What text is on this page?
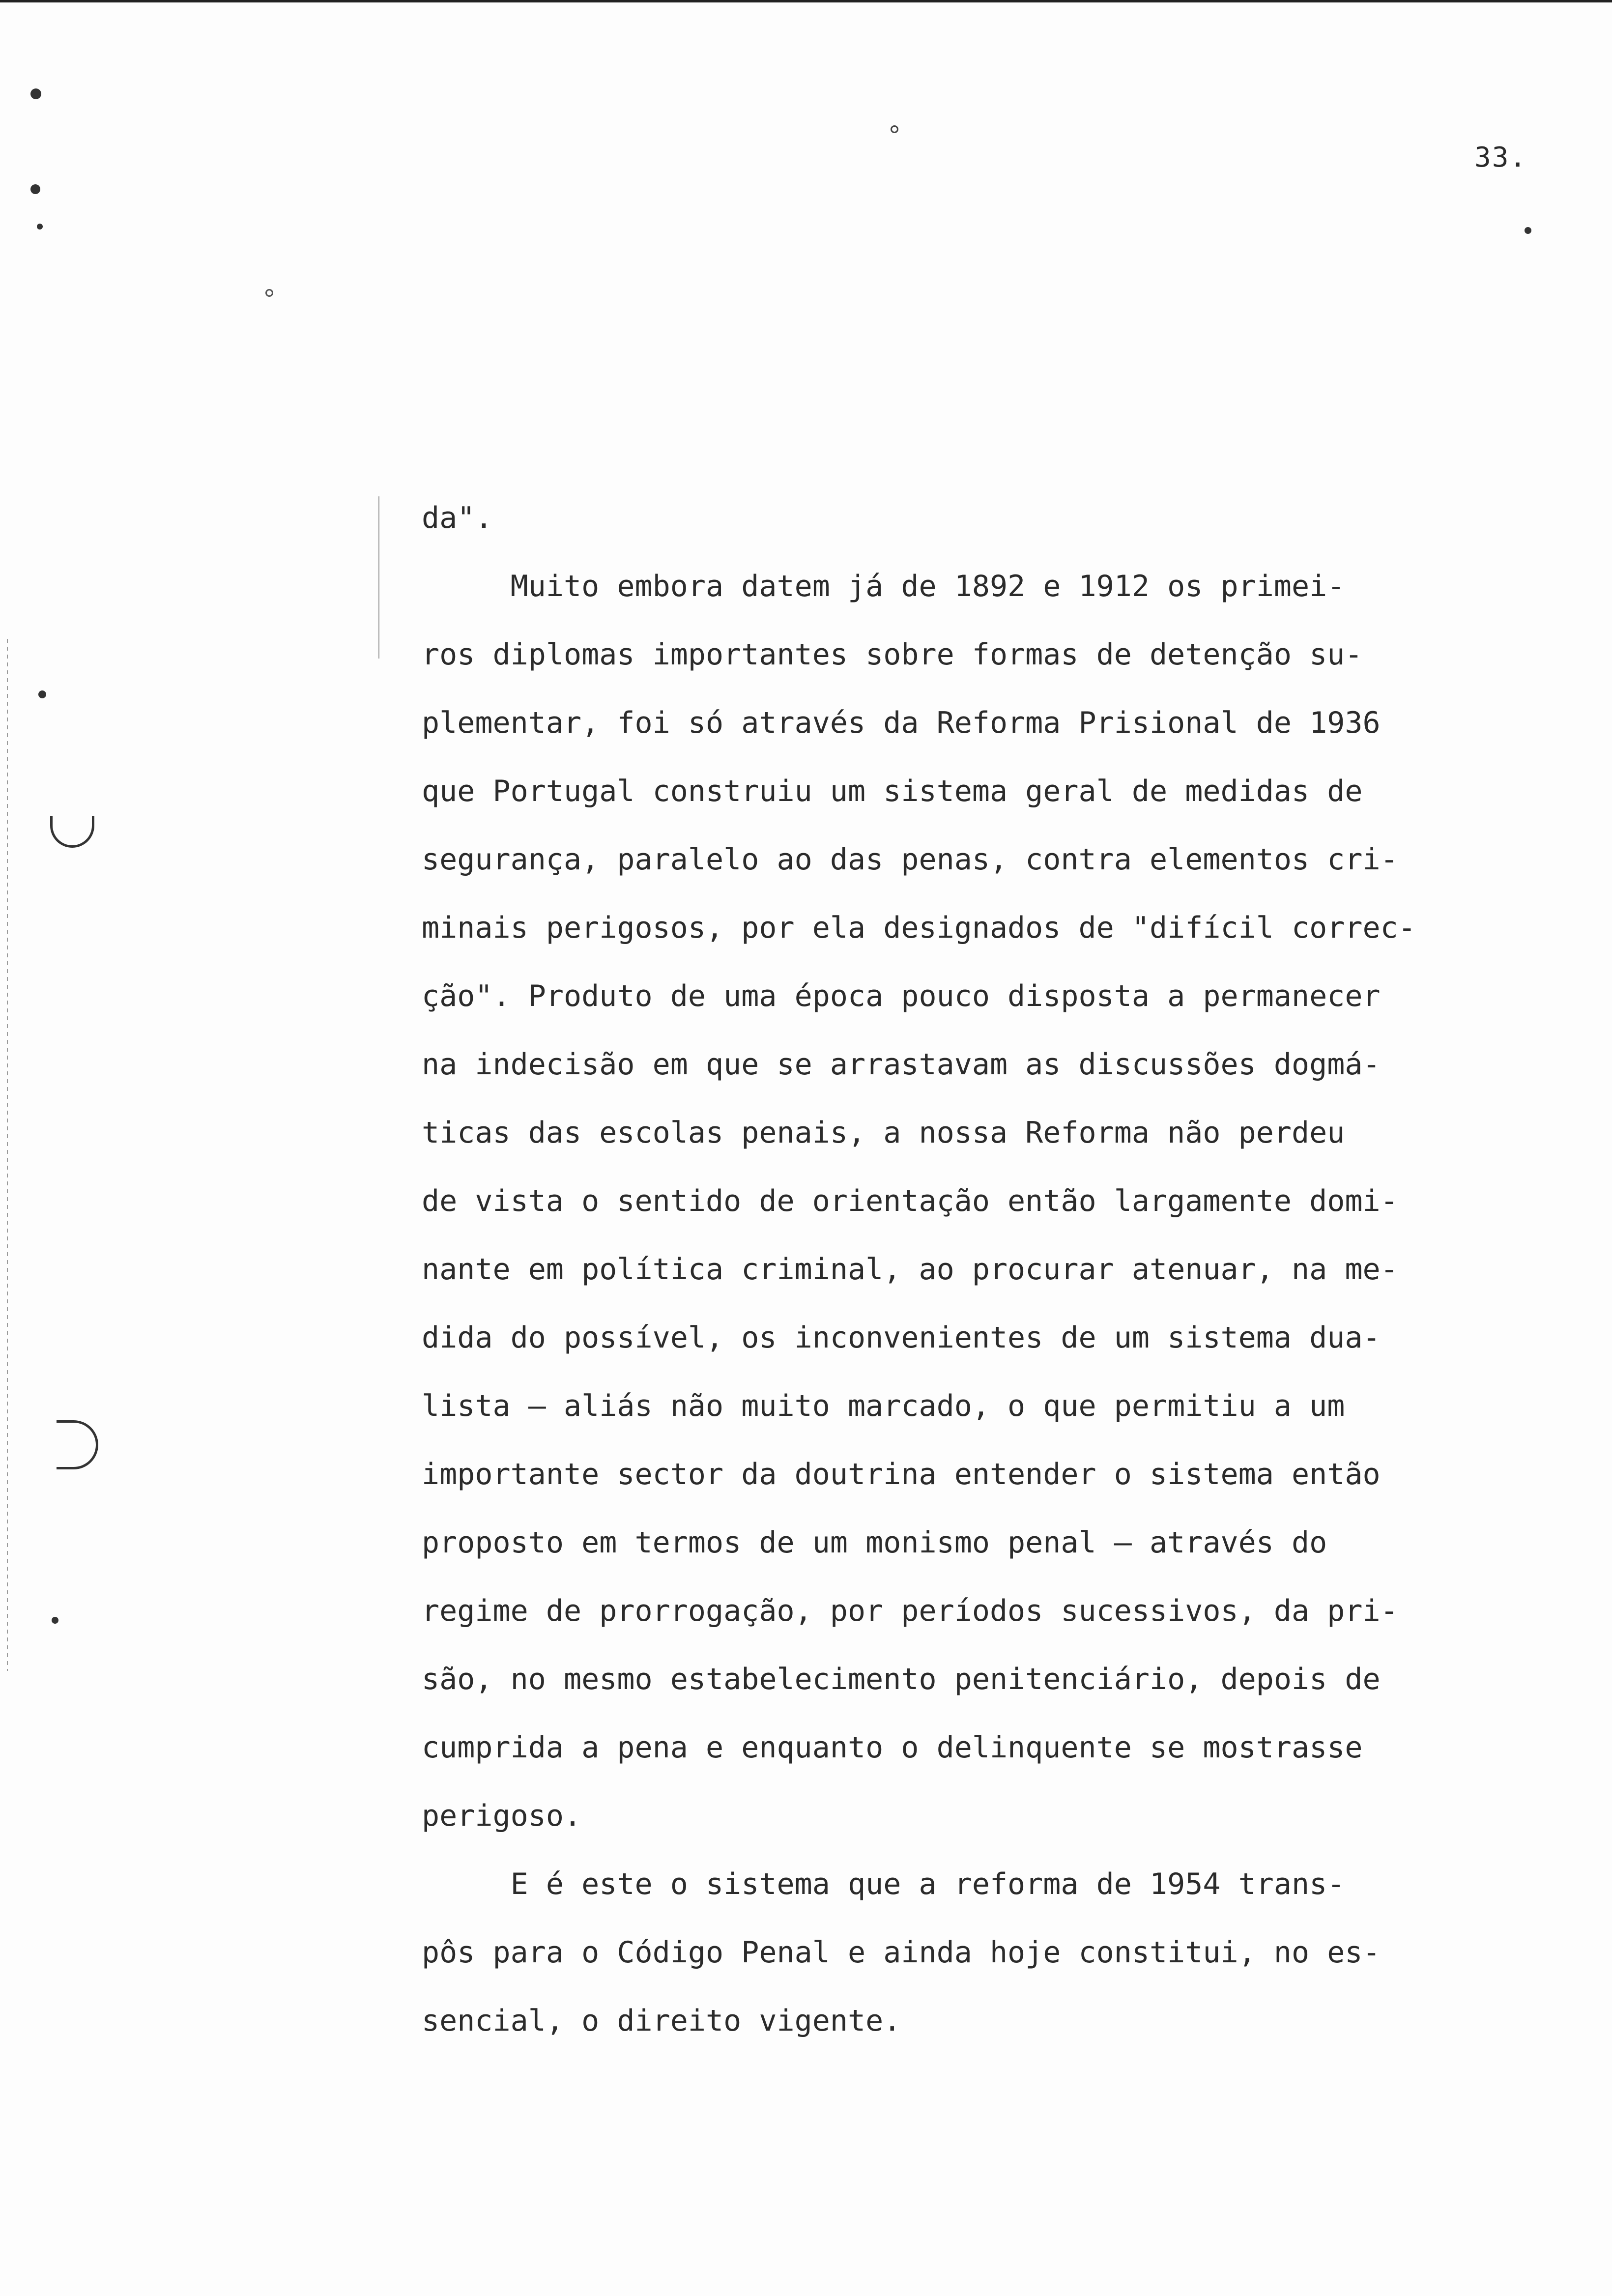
33.

da".

Muito embora datem já de 1892 e 1912 os primei-

ros diplomas importantes sobre formas de detenção su-

plementar, foi só através da Reforma Prisional de 1936

que Portugal construiu um sistema geral de medidas de

segurança, paralelo ao das penas, contra elementos cri-

minais perigosos, por ela designados de "difícil correc-

ção". Produto de uma época pouco disposta a permanecer

na indecisão em que se arrastavam as discussões dogmá-

ticas das escolas penais, a nossa Reforma não perdeu

de vista o sentido de orientação então largamente domi-

nante em política criminal, ao procurar atenuar, na me-

dida do possível, os inconvenientes de um sistema dua-

lista — aliás não muito marcado, o que permitiu a um

importante sector da doutrina entender o sistema então

proposto em termos de um monismo penal — através do

regime de prorrogação, por períodos sucessivos, da pri-

são, no mesmo estabelecimento penitenciário, depois de

cumprida a pena e enquanto o delinquente se mostrasse

perigoso.

E é este o sistema que a reforma de 1954 trans-

pôs para o Código Penal e ainda hoje constitui, no es-

sencial, o direito vigente.
